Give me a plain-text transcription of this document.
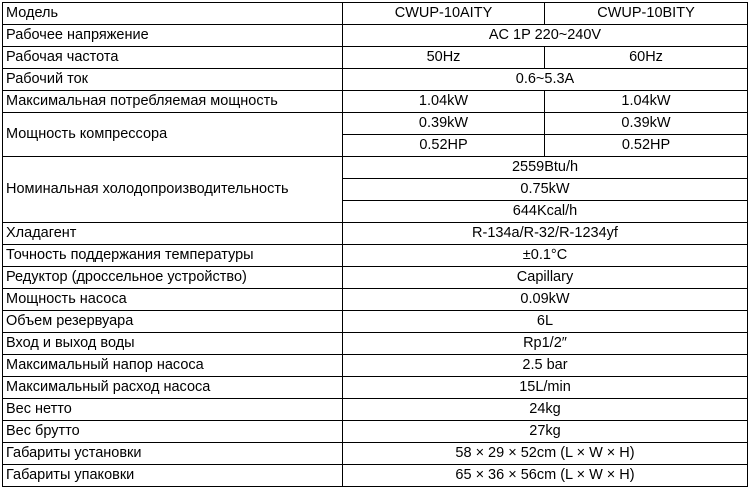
Модель	CWUP-10AITY	CWUP-10BITY
Рабочее напряжение	AC 1P 220~240V	
Рабочая частота	50Hz	60Hz
Рабочий ток	0.6~5.3A	
Максимальная потребляемая мощность	1.04kW	1.04kW
Мощность компрессора	0.39kW	0.39kW
	0.52HP	0.52HP
Номинальная холодопроизводительность	2559Btu/h	
	0.75kW	
	644Kcal/h	
Хладагент	R-134a/R-32/R-1234yf	
Точность поддержания температуры	±0.1°C	
Редуктор (дроссельное устройство)	Capillary	
Мощность насоса	0.09kW	
Объем резервуара	6L	
Вход и выход воды	Rp1/2″	
Максимальный напор насоса	2.5 bar	
Максимальный расход насоса	15L/min	
Вес нетто	24kg	
Вес брутто	27kg	
Габариты установки	58 × 29 × 52cm (L × W × H)	
Габариты упаковки	65 × 36 × 56cm (L × W × H)	
